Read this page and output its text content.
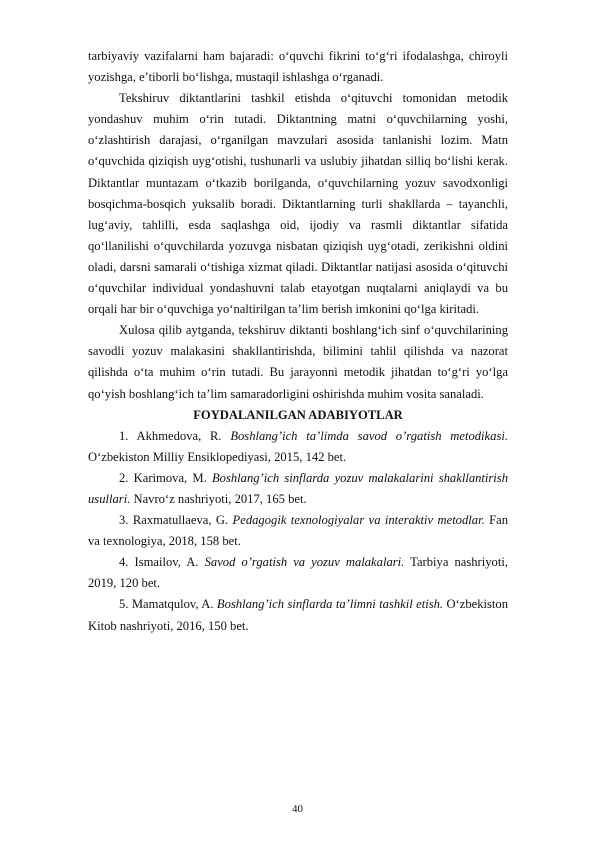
tarbiyaviy vazifalarni ham bajaradi: o‘quvchi fikrini to‘g‘ri ifodalashga, chiroyli yozishga, e’tiborli bo‘lishga, mustaqil ishlashga o‘rganadi.

Tekshiruv diktantlarini tashkil etishda o‘qituvchi tomonidan metodik yondashuv muhim o‘rin tutadi. Diktantning matni o‘quvchilarning yoshi, o‘zlashtirish darajasi, o‘rganilgan mavzulari asosida tanlanishi lozim. Matn o‘quvchida qiziqish uyg‘otishi, tushunarli va uslubiy jihatdan silliq bo‘lishi kerak. Diktantlar muntazam o‘tkazib borilganda, o‘quvchilarning yozuv savodxonligi bosqichma-bosqich yuksalib boradi. Diktantlarning turli shakllarda – tayanchli, lug‘aviy, tahlilli, esda saqlashga oid, ijodiy va rasmli diktantlar sifatida qo‘llanilishi o‘quvchilarda yozuvga nisbatan qiziqish uyg‘otadi, zerikishni oldini oladi, darsni samarali o‘tishiga xizmat qiladi. Diktantlar natijasi asosida o‘qituvchi o‘quvchilar individual yondashuvni talab etayotgan nuqtalarni aniqlaydi va bu orqali har bir o‘quvchiga yo‘naltirilgan ta’lim berish imkonini qo‘lga kiritadi.

Xulosa qilib aytganda, tekshiruv diktanti boshlang‘ich sinf o‘quvchilarining savodli yozuv malakasini shakllantirishda, bilimini tahlil qilishda va nazorat qilishda o‘ta muhim o‘rin tutadi. Bu jarayonni metodik jihatdan to‘g‘ri yo‘lga qo‘yish boshlang‘ich ta’lim samaradorligini oshirishda muhim vosita sanaladi.

FOYDALANILGAN ADABIYOTLAR

1. Akhmedova, R. Boshlang’ich ta’limda savod o’rgatish metodikasi. O‘zbekiston Milliy Ensiklopediyasi, 2015, 142 bet.

2. Karimova, M. Boshlang’ich sinflarda yozuv malakalarini shakllantirish usullari. Navro‘z nashriyoti, 2017, 165 bet.

3. Raxmatullaeva, G. Pedagogik texnologiyalar va interaktiv metodlar. Fan va texnologiya, 2018, 158 bet.

4. Ismailov, A. Savod o’rgatish va yozuv malakalari. Tarbiya nashriyoti, 2019, 120 bet.

5. Mamatqulov, A. Boshlang’ich sinflarda ta’limni tashkil etish. O‘zbekiston Kitob nashriyoti, 2016, 150 bet.

40
